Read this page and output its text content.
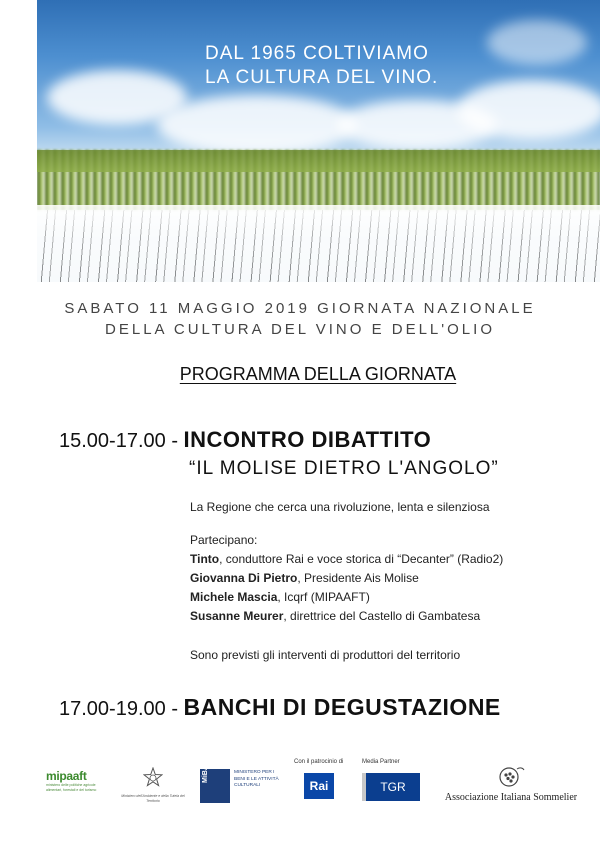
DAL 1965 COLTIVIAMO
LA CULTURA DEL VINO.
SABATO 11 MAGGIO 2019 GIORNATA NAZIONALE
DELLA CULTURA DEL VINO E DELL'OLIO
PROGRAMMA DELLA GIORNATA
15.00-17.00 - INCONTRO DIBATTITO
“IL MOLISE DIETRO L'ANGOLO”
La Regione che cerca una rivoluzione, lenta e silenziosa
Partecipano:
Tinto, conduttore Rai e voce storica di “Decanter” (Radio2)
Giovanna Di Pietro, Presidente Ais Molise
Michele Mascia, Icqrf (MIPAAFT)
Susanne Meurer, direttrice del Castello di Gambatesa
Sono previsti gli interventi di produttori del territorio
17.00-19.00 - BANCHI DI DEGUSTAZIONE
mipaaft
ministero delle politiche agricole alimentari, forestali e del turismo
Ministero dell'Ambiente e della Tutela del Territorio
MiBAC	MINISTERO PER I BENI E LE ATTIVITÀ CULTURALI
Con il patrocinio di
Rai
Media Partner
TGR
Associazione Italiana Sommelier
